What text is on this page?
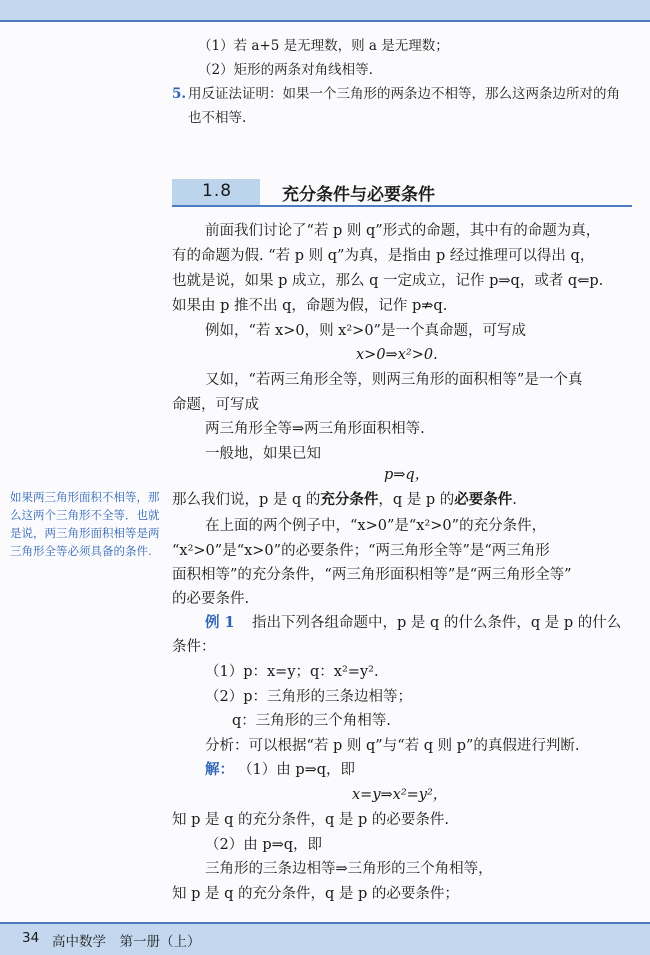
（1）若 a+5 是无理数，则 a 是无理数；
（2）矩形的两条对角线相等.
5. 用反证法证明：如果一个三角形的两条边不相等，那么这两条边所对的角
也不相等.
1.8	充分条件与必要条件
前面我们讨论了“若 p 则 q”形式的命题，其中有的命题为真，
有的命题为假. “若 p 则 q”为真，是指由 p 经过推理可以得出 q，
也就是说，如果 p 成立，那么 q 一定成立，记作 p⇒q，或者 q⇐p.
如果由 p 推不出 q，命题为假，记作 p⇏q.
例如，“若 x>0，则 x²>0”是一个真命题，可写成
x>0⇒x²>0.
又如，“若两三角形全等，则两三角形的面积相等”是一个真
命题，可写成
两三角形全等⇒两三角形面积相等.
一般地，如果已知
p⇒q，
那么我们说，p 是 q 的充分条件，q 是 p 的必要条件.
如果两三角形面积不相等，那么这两个三角形不全等．也就是说，两三角形面积相等是两三角形全等必须具备的条件.
在上面的两个例子中，“x>0”是“x²>0”的充分条件，
“x²>0”是“x>0”的必要条件；“两三角形全等”是“两三角形
面积相等”的充分条件，“两三角形面积相等”是“两三角形全等”
的必要条件.
例 1 指出下列各组命题中，p 是 q 的什么条件，q 是 p 的什么
条件：
（1）p：x=y；q：x²=y².
（2）p：三角形的三条边相等；
q：三角形的三个角相等.
分析：可以根据“若 p 则 q”与“若 q 则 p”的真假进行判断.
解： （1）由 p⇒q，即
x=y⇒x²=y²，
知 p 是 q 的充分条件，q 是 p 的必要条件.
（2）由 p⇒q，即
三角形的三条边相等⇒三角形的三个角相等，
知 p 是 q 的充分条件，q 是 p 的必要条件；
34 高中数学　第一册（上）
